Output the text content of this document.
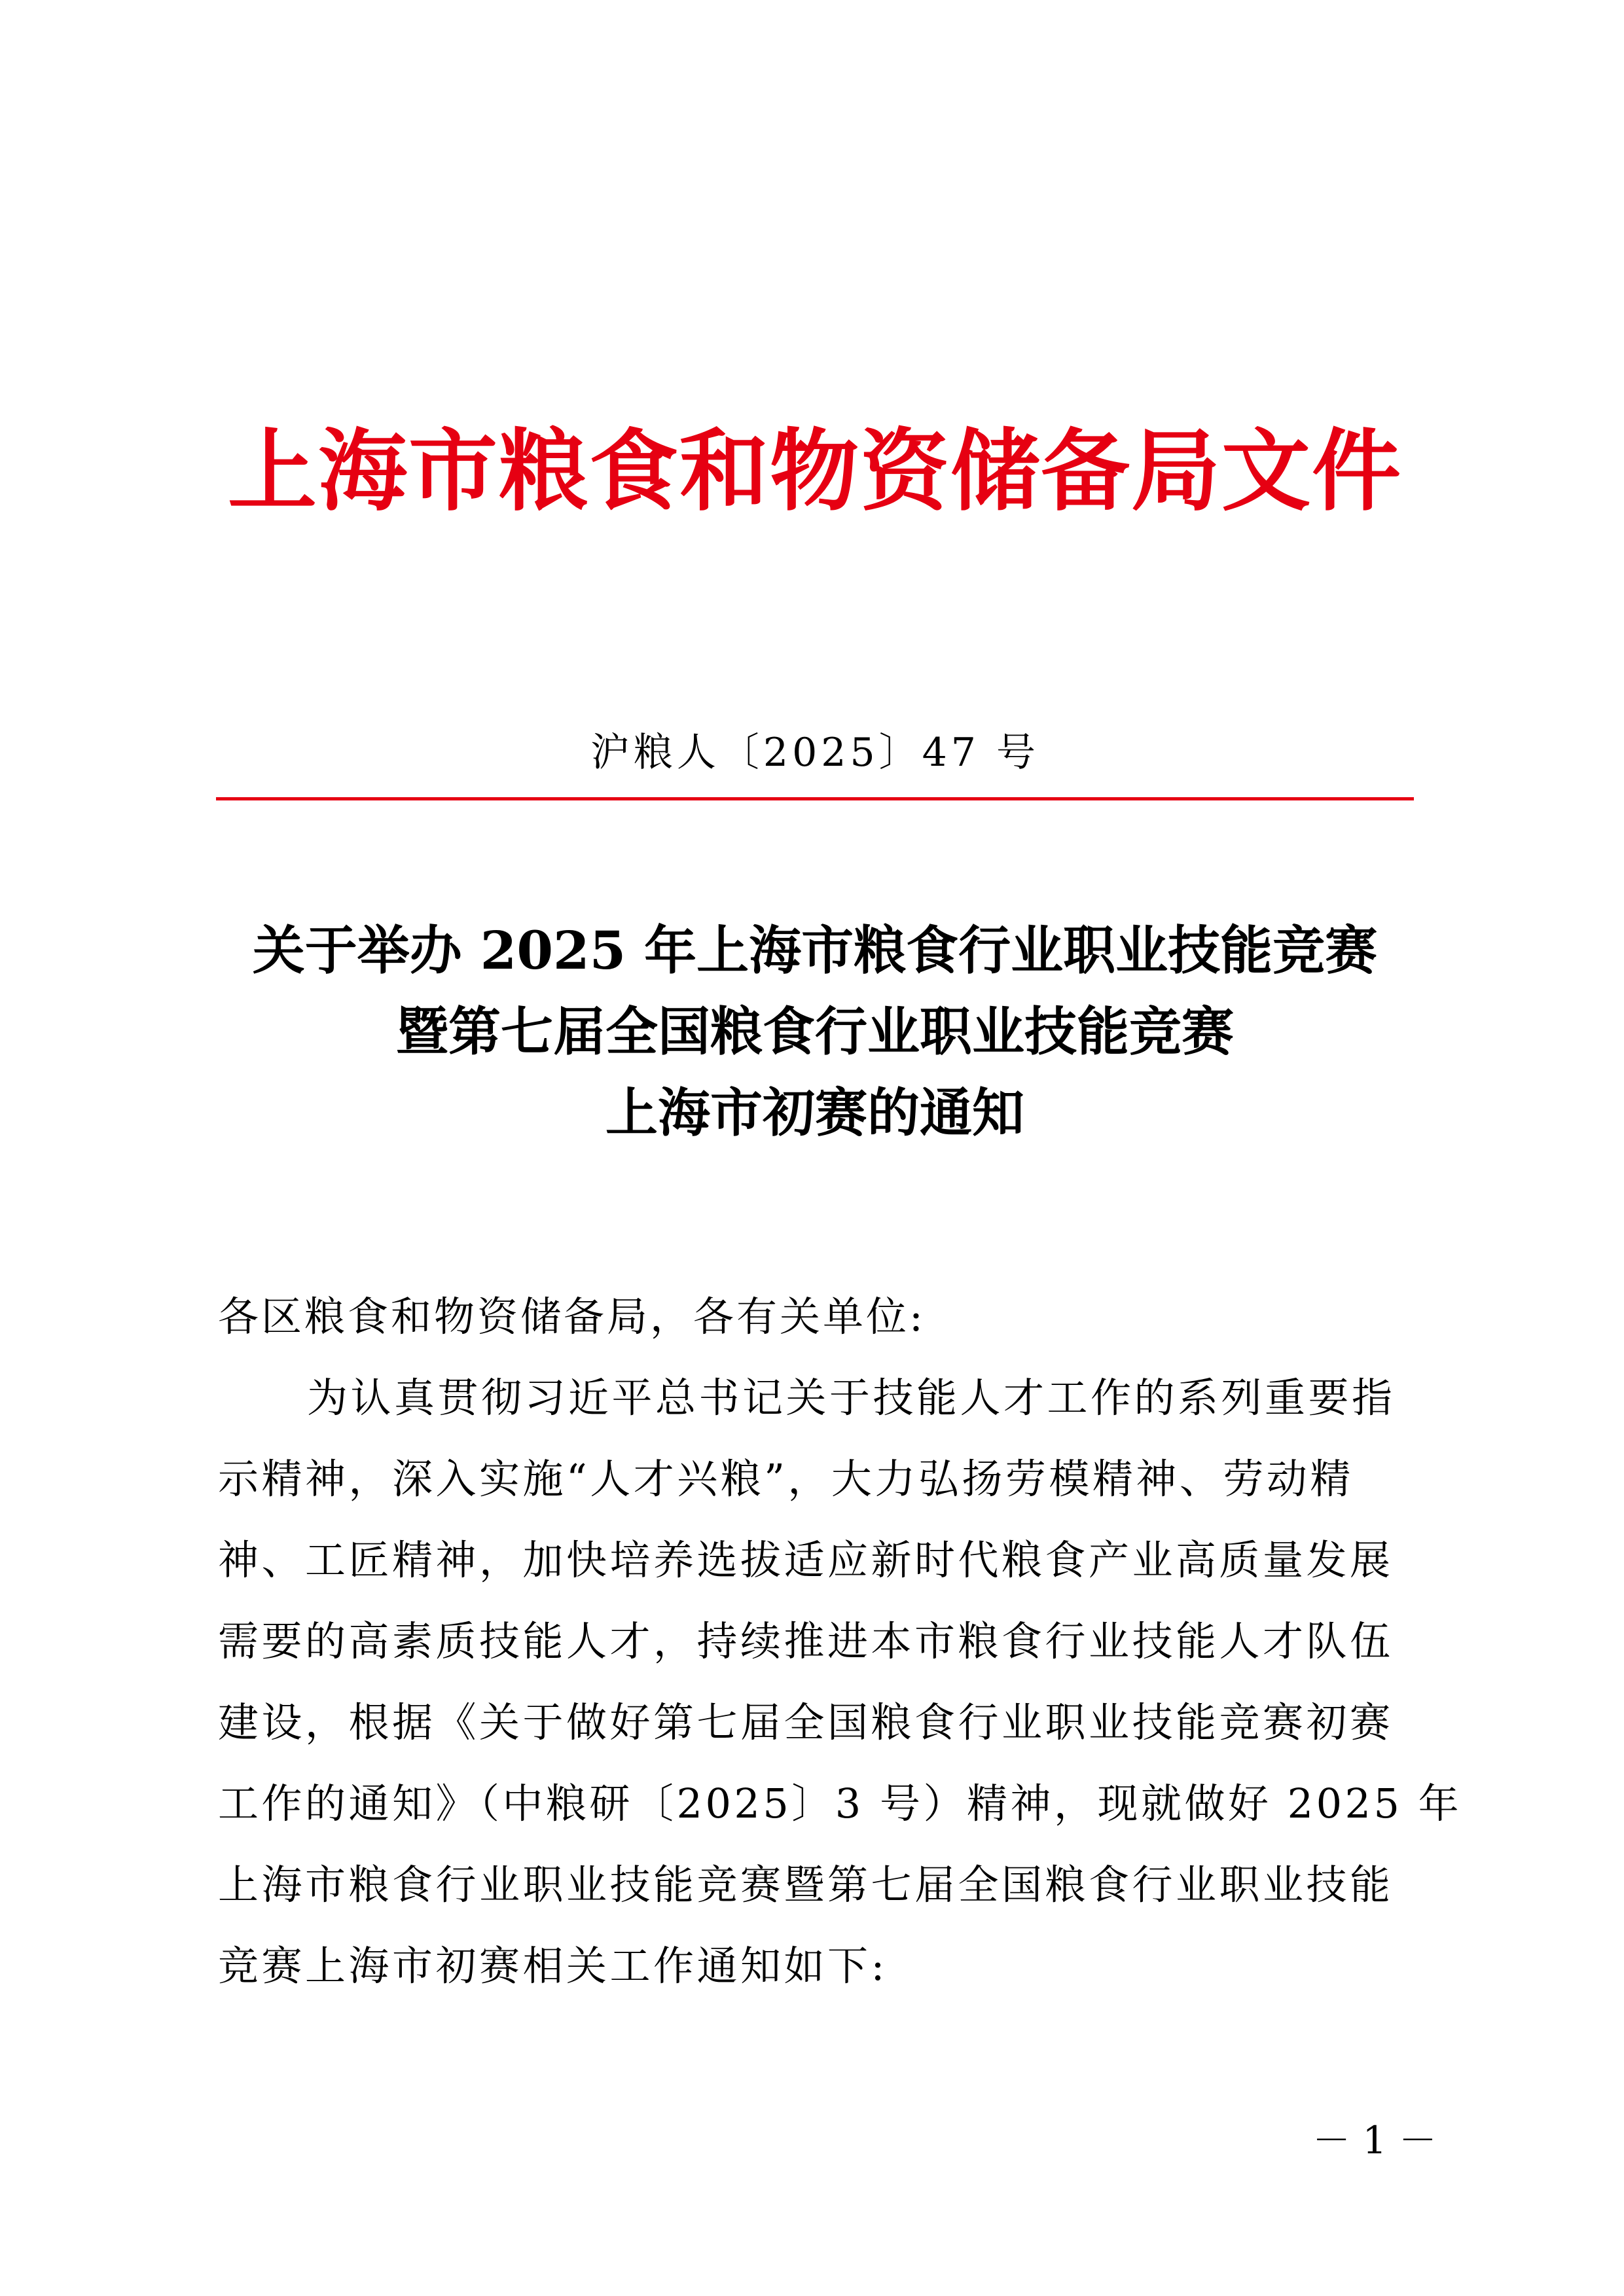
上海市粮食和物资储备局文件
沪粮人〔2025〕47 号
关于举办 2025 年上海市粮食行业职业技能竞赛
暨第七届全国粮食行业职业技能竞赛
上海市初赛的通知
各区粮食和物资储备局，各有关单位:
为认真贯彻习近平总书记关于技能人才工作的系列重要指
示精神，深入实施“人才兴粮”，大力弘扬劳模精神、劳动精
神、工匠精神，加快培养选拔适应新时代粮食产业高质量发展
需要的高素质技能人才，持续推进本市粮食行业技能人才队伍
建设，根据《关于做好第七届全国粮食行业职业技能竞赛初赛
工作的通知》（中粮研〔2025〕3 号）精神，现就做好 2025 年
上海市粮食行业职业技能竞赛暨第七届全国粮食行业职业技能
竞赛上海市初赛相关工作通知如下:
－ 1 －
